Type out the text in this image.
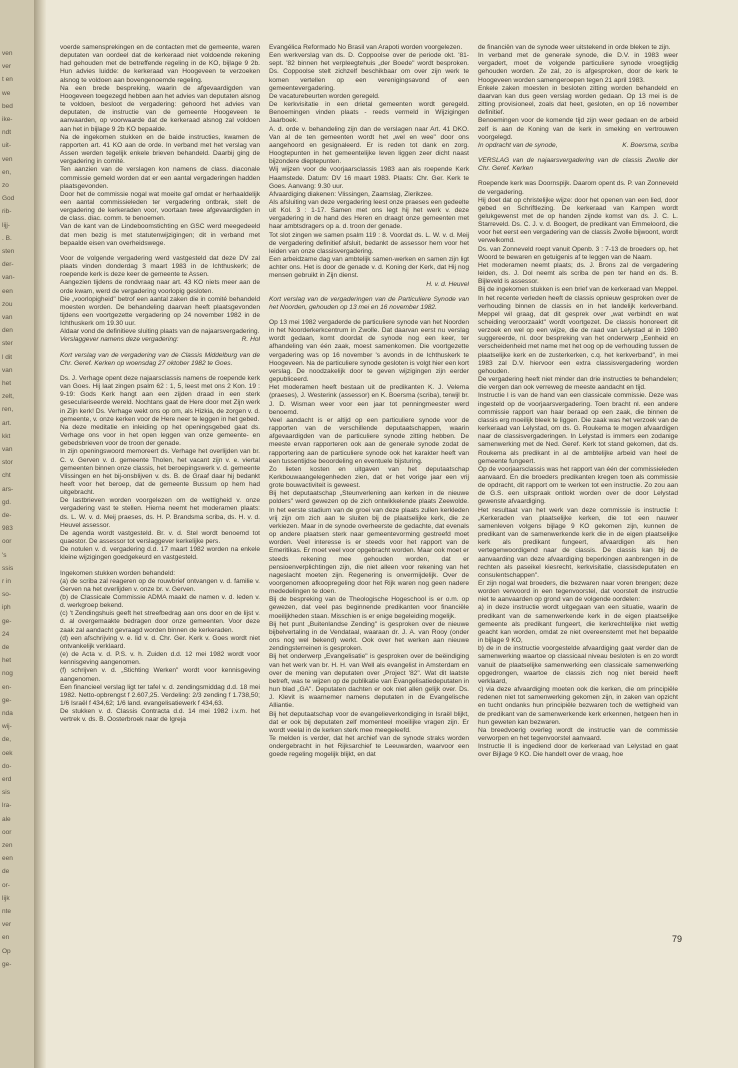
ven
ver
t en
we
bed
ike-
ndt
uit-
ven
en,
zo
God
rib-
lijj-
. B.
sten
der-
van-
een
zou
van
den
ster
l dit
van
het
zelt,
ren,
art.
kkt
van
stor
cht
ars-
gd.
de-
983
oor
's
ssis
r in
so-
iph
ge-
24
de
het
nog
en-
ge-
nda
wij-
de,
oek
do-
erd
sis
lra-
ale
oor
zen
een
de
or-
lijk
nte
ver
en
Op
ge-

voerde samensprekingen en de contacten met de gemeente, waren deputaten van oordeel dat de kerkeraad niet voldoende rekening had gehouden met de betreffende regeling in de KO, bijlage 9 2b. Hun advies luidde: de kerkeraad van Hoogeveen te verzoeken alsnog te voldoen aan bovengenoemde regeling.

Na een brede bespreking, waarin de afgevaardigden van Hoogeveen toegezegd hebben aan het advies van deputaten alsnog te voldoen, besloot de vergadering: gehoord het advies van deputaten, de instructie van de gemeente Hoogeveen te aanvaarden, op voorwaarde dat de kerkeraad alsnog zal voldoen aan het in bijlage 9 2b KO bepaalde.

Na de ingekomen stukken en de baide instructies, kwamen de rapporten art. 41 KO aan de orde. In verband met het verslag van Assen werden tegelijk enkele brieven behandeld. Daarbij ging de vergadering in comité.

Ten aanzien van de verslagen kon namens de class. diaconale commissie gemeld worden dat er een aantal vergaderingen hadden plaatsgevonden.

Door het de commissie nogal wat moeite gaf omdat er herhaaldelijk een aantal commissieleden ter vergadering ontbrak, stelt de vergadering de kerkeraden voor, voortaan twee afgevaardigden in de class. diac. comm. te benoemen.

Van de kant van de Lindeboomstichting en GSC werd meegedeeld dat men bezig is met statutenwijzigingen; dit in verband met bepaalde eisen van overheidswege.

Voor de volgende vergadering werd vastgesteld dat deze DV zal plaats vinden donderdag 3 maart 1983 in de Ichthuskerk; de roepende kerk is deze keer de gemeente te Assen.

Aangezien tijdens de rondvraag naar art. 43 KO niets meer aan de orde kwam, werd de vergadering voorlopig gesloten.

Die „voorlopigheid" betrof een aantal zaken die in comité behandeld moesten worden. De behandeling daarvan heeft plaatsgevonden tijdens een voortgezette vergadering op 24 november 1982 in de Ichthuskerk om 19.30 uur.

Aldaar vond de definitieve sluiting plaats van de najaarsvergadering.

Verslaggever namens deze vergadering:	R. Hol

Kort verslag van de vergadering van de Classis Middelburg van de Chr. Geref. Kerken op woensdag 27 oktober 1982 te Goes.

Ds. J. Verhage opent deze najaarsclassis namens de roepende kerk van Goes. Hij laat zingen psalm 62 : 1, 5, leest met ons 2 Kon. 19 : 9-19: Gods Kerk hangt aan een zijden draad in een sterk geseculariseerde wereld. Nochtans gaat de Here door met Zijn werk in Zijn kerk! Ds. Verhage wekt ons op om, als Hizkia, de zorgen v. d. gemeente, v. onze kerken voor de Here neer te leggen in het gebed.

Na deze meditatie en inleiding op het openingsgebed gaat ds. Verhage ons voor in het open leggen van onze gemeente- en gebedsbrieven voor de troon der genade.

In zijn openingswoord memoreert ds. Verhage het overlijden van br. C. v. Gerven v. d. gemeente Tholen, het vacant zijn v. e. viertal gemeenten binnen onze classis, het beroepingswerk v. d. gemeente Vlissingen en het bij-onsblijven v. ds. B. de Graaf daar hij bedankt heeft voor het beroep, dat de gemeente Bussum op hem had uitgebracht.

De lastbrieven worden voorgelezen om de wettigheid v. onze vergadering vast te stellen. Hierna neemt het moderamen plaats: ds. L. W. v. d. Meij praeses, ds. H. P. Brandsma scriba, ds. H. v. d. Heuvel assessor.

De agenda wordt vastgesteld. Br. v. d. Stel wordt benoemd tot quaestor. De assessor tot verslaggever kerkelijke pers.

De notulen v. d. vergadering d.d. 17 maart 1982 worden na enkele kleine wijzigingen goedgekeurd en vastgesteld.

Ingekomen stukken worden behandeld:

(a) de scriba zal reageren op de rouwbrief ontvangen v. d. familie v. Gerven na het overlijden v. onze br. v. Gerven.

(b) de Classicale Commissie ADMA maakt de namen v. d. leden v. d. werkgroep bekend.

(c) 't Zendingshuis geeft het streefbedrag aan ons door en de lijst v. d. al overgemaakte bedragen door onze gemeenten. Voor deze zaak zal aandacht gevraagd worden binnen de kerkeraden.

(d) een afschrijving v. e. lid v. d. Chr. Ger. Kerk v. Goes wordt niet ontvankelijk verklaard.

(e) de Acta v. d. P.S. v. h. Zuiden d.d. 12 mei 1982 wordt voor kennisgeving aangenomen.

(f) schrijven v. d. „Stichting Werken" wordt voor kennisgeving aangenomen.

Een financieel verslag ligt ter tafel v. d. zendingsmiddag d.d. 18 mei 1982. Netto-opbrengst f 2.607,25. Verdeling: 2/3 zending f 1.738,50; 1/6 Israël f 434,62; 1/6 land. evangelisatiewerk f 434,63.

De stukken v. d. Classis Contracta d.d. 14 mei 1982 i.v.m. het vertrek v. ds. B. Oosterbroek naar de Igreja

Evangélica Reformado No Brasil van Arapoti worden voorgelezen.

Een werkverslag van ds. D. Coppoolse over de periode okt. '81-sept. '82 binnen het verpleegtehuis „der Boede" wordt besproken. Ds. Coppoolse stelt zichzelf beschikbaar om over zijn werk te komen vertellen op een verenigingsavond of een gemeentevergadering.

De vacaturebeurten worden geregeld.

De kerkvisitatie in een drietal gemeenten wordt geregeld. Benoemingen vinden plaats - reeds vermeld in Wijzigingen Jaarboek.

A. d. orde v. behandeling zijn dan de verslagen naar Art. 41 DKO. Van al de ten gemeenten wordt het „wel en wee" door ons aangehoord en gesignaleerd. Er is reden tot dank en zorg. Hoogtepunten in het gemeentelijke leven liggen zeer dicht naast bijzondere dieptepunten.

Wij wijzen voor de voorjaarsclassis 1983 aan als roepende Kerk Haamstede. Datum: DV 16 maart 1983. Plaats: Chr. Ger. Kerk te Goes. Aanvang: 9.30 uur.

Afvaardiging diakenen: Vlissingen, Zaamslag, Zierikzee.

Als afsluiting van deze vergadering leest onze praeses een gedeelte uit Kol. 3 : 1-17. Samen met ons legt hij het werk v. deze vergadering in de hand des Heren en draagt onze gemeenten met haar ambtsdragers op a. d. troon der genade.

Tot slot zingen we samen psalm 119 : 8. Voordat ds. L. W. v. d. Meij de vergadering definitief afsluit, bedankt de assessor hem voor het leiden van onze classisvergadering.

Een arbeidzame dag van ambtelijk samen-werken en samen zijn ligt achter ons. Het is door de genade v. d. Koning der Kerk, dat Hij nog mensen gebruikt in Zijn dienst.

H. v. d. Heuvel

Kort verslag van de vergaderingen van de Particuliere Synode van het Noorden, gehouden op 13 mei en 16 november 1982.

Op 13 mei 1982 vergaderde de particuliere synode van het Noorden in het Noorderkerkcentrum in Zwolle. Dat daarvan eerst nu verslag wordt gedaan, komt doordat de synode nog een keer, ter afhandeling van één zaak, moest samenkomen. Die voortgezette vergadering was op 16 november 's avonds in de Ichthuskerk te Hoogeveen. Na de particuliere synode gesloten is volgt hier een kort verslag. De noodzakelijk door te geven wijzigingen zijn eerder gepubliceerd.

Het moderamen heeft bestaan uit de predikanten K. J. Velema (praeses), J. Westerink (assessor) en K. Boersma (scriba), terwijl br. J. D. Wisman weer voor een jaar tot penningmeester werd benoemd.

Veel aandacht is er altijd op een particuliere synode voor de rapporten van de verschillende deputaatschappen, waarin afgevaardigden van de particuliere synode zitting hebben. De meeste ervan rapporteren ook aan de generale synode zodat de rapportering aan de particuliere synode ook het karakter heeft van een tussentijdse beoordeling en eventuele bijsturing.

Zo lieten kosten en uitgaven van het deputaatschap Kerkbouwaangelegenheden zien, dat er het vorige jaar een vrij grote bouwactiviteit is geweest.

Bij het deputaatschap „Steunverlening aan kerken in de nieuwe polders" werd gewezen op de zich ontwikkelende plaats Zeewolde. In het eerste stadium van de groei van deze plaats zullen kerkleden vrij zijn om zich aan te sluiten bij de plaatselijke kerk, die ze verkiezen. Maar in de synode overheerste de gedachte, dat evenals op andere plaatsen sterk naar gemeentevorming gestreefd moet worden. Veel interesse is er steeds voor het rapport van de Emeritikas. Er moet veel voor opgebracht worden. Maar ook moet er steeds rekening mee gehouden worden, dat er pensioenverplichtingen zijn, die niet alleen voor rekening van het nageslacht moeten zijn. Regenering is onvermijdelijk. Over de voorgenomen afkoopregeling door het Rijk waren nog geen nadere mededelingen te doen.

Bij de bespreking van de Theologische Hogeschool is er o.m. op gewezen, dat veel pas beginnende predikanten voor financiële moeilijkheden staan. Misschien is er enige begeleiding mogelijk.

Bij het punt „Buitenlandse Zending" is gesproken over de nieuwe bijbelvertaling in de Vendataal, waaraan dr. J. A. van Rooy (onder ons nog wel bekend) werkt. Ook over het werken aan nieuwe zendingsterreinen is gesproken.

Bij het onderwerp „Evangelisatie" is gesproken over de beëindiging van het werk van br. H. H. van Well als evangelist in Amsterdam en over de mening van deputaten over „Project '82". Wat dit laatste betreft, was te wijzen op de publikatie van Evangelisatiedeputaten in hun blad „GA". Deputaten dachten er ook niet allen gelijk over. Ds. J. Klevit is waarnemer namens deputaten in de Evangelische Alliantie.

Bij het deputaatschap voor de evangelieverkondiging in Israël blijkt, dat er ook bij deputaten zelf momenteel moeilijke vragen zijn. Er wordt veelal in de kerken sterk mee meegeleefd.

Te melden is verder, dat het archief van de synode straks worden ondergebracht in het Rijksarchief te Leeuwarden, waarvoor een goede regeling mogelijk blijkt, en dat

de financiën van de synode weer uitstekend in orde bleken te zijn.

In verband met de generale synode, die D.V. in 1983 weer vergadert, moet de volgende particuliere synode vroegtijdig gehouden worden. Ze zal, zo is afgesproken, door de kerk te Hoogeveen worden samengeroepen tegen 21 april 1983.

Enkele zaken moesten in besloten zitting worden behandeld en daarvan kan dus geen verslag worden gedaan. Op 13 mei is de zitting provisioneel, zoals dat heet, gesloten, en op 16 november definitief.

Benoemingen voor de komende tijd zijn weer gedaan en de arbeid zelf is aan de Koning van de kerk in smeking en vertrouwen voorgelegd.

In opdracht van de synode,	K. Boersma, scriba

VERSLAG van de najaarsvergadering van de classis Zwolle der Chr. Geref. Kerken

Roepende kerk was Doornspijk. Daarom opent ds. P. van Zonneveld de vergadering.

Hij doet dat op christelijke wijze: door het openen van een lied, door gebed en Schriftlezing. De kerkeraad van Kampen wordt gelukgewenst met de op handen zijnde komst van ds. J. C. L. Starreveld. Ds. C. J. v. d. Boogert, de predikant van Emmeloord, die voor het eerst een vergadering van de classis Zwolle bijwoont, wordt verwelkomd.

Ds. van Zonneveld roept vanuit Openb. 3 : 7-13 de broeders op, het Woord te bewaren en getuigenis af te leggen van de Naam.

Het moderamen neemt plaats; ds. J. Brons zal de vergadering leiden, ds. J. Dol neemt als scriba de pen ter hand en ds. B. Bijleveld is assessor.

Bij de ingekomen stukken is een brief van de kerkeraad van Meppel. In het recente verleden heeft de classis opnieuw gesproken over de verhouding binnen de classis en in het landelijk kerkverband. Meppel wil graag, dat dit gesprek over „wat verbindt en wat scheiding veroorzaakt" wordt voortgezet. De classis honoreert dit verzoek en wel op een wijze, die de raad van Lelystad al in 1980 suggereerde, nl. door bespreking van het onderwerp „Eenheid en verscheidenheid met name met het oog op de verhouding tussen de plaatselijke kerk en de zusterkerken, c.q. het kerkverband", in mei 1983 zal D.V. hiervoor een extra classisvergadering worden gehouden.

De vergadering heeft niet minder dan drie instructies te behandelen; die vergen dan ook verreweg de meeste aandacht en tijd.

Instructie I is van de hand van een classicale commissie. Deze was ingesteld op de voorjaarsvergadering. Toen bracht nl. een andere commissie rapport van haar beraad op een zaak, die binnen de classis erg moeilijk bleek te liggen. Die zaak was het verzoek van de kerkeraad van Lelystad, om ds. G. Roukema te mogen afvaardigen naar de classisvergaderingen. In Lelystad is immers een zodanige samenwerking met de Ned. Geref. Kerk tot stand gekomen, dat ds. Roukema als predikant in al de ambtelijke arbeid van heel de gemeente fungeert.

Op de voorjaarsclassis was het rapport van één der commissieleden aanvaard. En die broeders predikanten kregen toen als commissie de opdracht, dit rapport om te werken tot een instructie. Zo zou aan de G.S. een uitspraak ontlokt worden over de door Lelystad gewenste afvaardiging.

Het resultaat van het werk van deze commissie is instructie I: „Kerkeraden van plaatselijke kerken, die tot een nauwer samenleven volgens bijlage 9 KO gekomen zijn, kunnen de predikant van de samenwerkende kerk die in de eigen plaatselijke kerk als predikant fungeert, afvaardigen als hen vertegenwoordigend naar de classis. De classis kan bij de aanvaarding van deze afvaardiging beperkingen aanbrengen in de rechten als paseikel kiesrecht, kerkvisitatie, classisdeputaten en consulentschappen".

Er zijn nogal wat broeders, die bezwaren naar voren brengen; deze worden verwoord in een tegenvoorstel, dat voorstelt de instructie niet te aanvaarden op grond van de volgende oordelen:

a) in deze instructie wordt uitgegaan van een situatie, waarin de predikant van de samenwerkende kerk in de eigen plaatselijke gemeente als predikant fungeert, die kerkrechtelijke niet wettig geacht kan worden, omdat ze niet overeenstemt met het bepaalde in bijlage 9 KO,

b) de in de instructie voorgestelde afvaardiging gaat verder dan de samenwerking waartoe op classicaal niveau besloten is en zo wordt vanuit de plaatselijke samenwerking een classicale samenwerking opgedrongen, waartoe de classis zich nog niet bereid heeft verklaard,

c) via deze afvaardiging moeten ook die kerken, die om principiële redenen niet tot samenwerking gekomen zijn, in zaken van opzicht en tucht ondanks hun principiële bezwaren toch de wettigheid van de predikant van de samenwerkende kerk erkennen, hetgeen hen in hun geweten kan bezwaren.

Na breedvoerig overleg wordt de instructie van de commissie verworpen en het tegenvoorstel aanvaard.

Instructie II is ingediend door de kerkeraad van Lelystad en gaat over Bijlage 9 KO. Die handelt over de vraag, hoe

79
